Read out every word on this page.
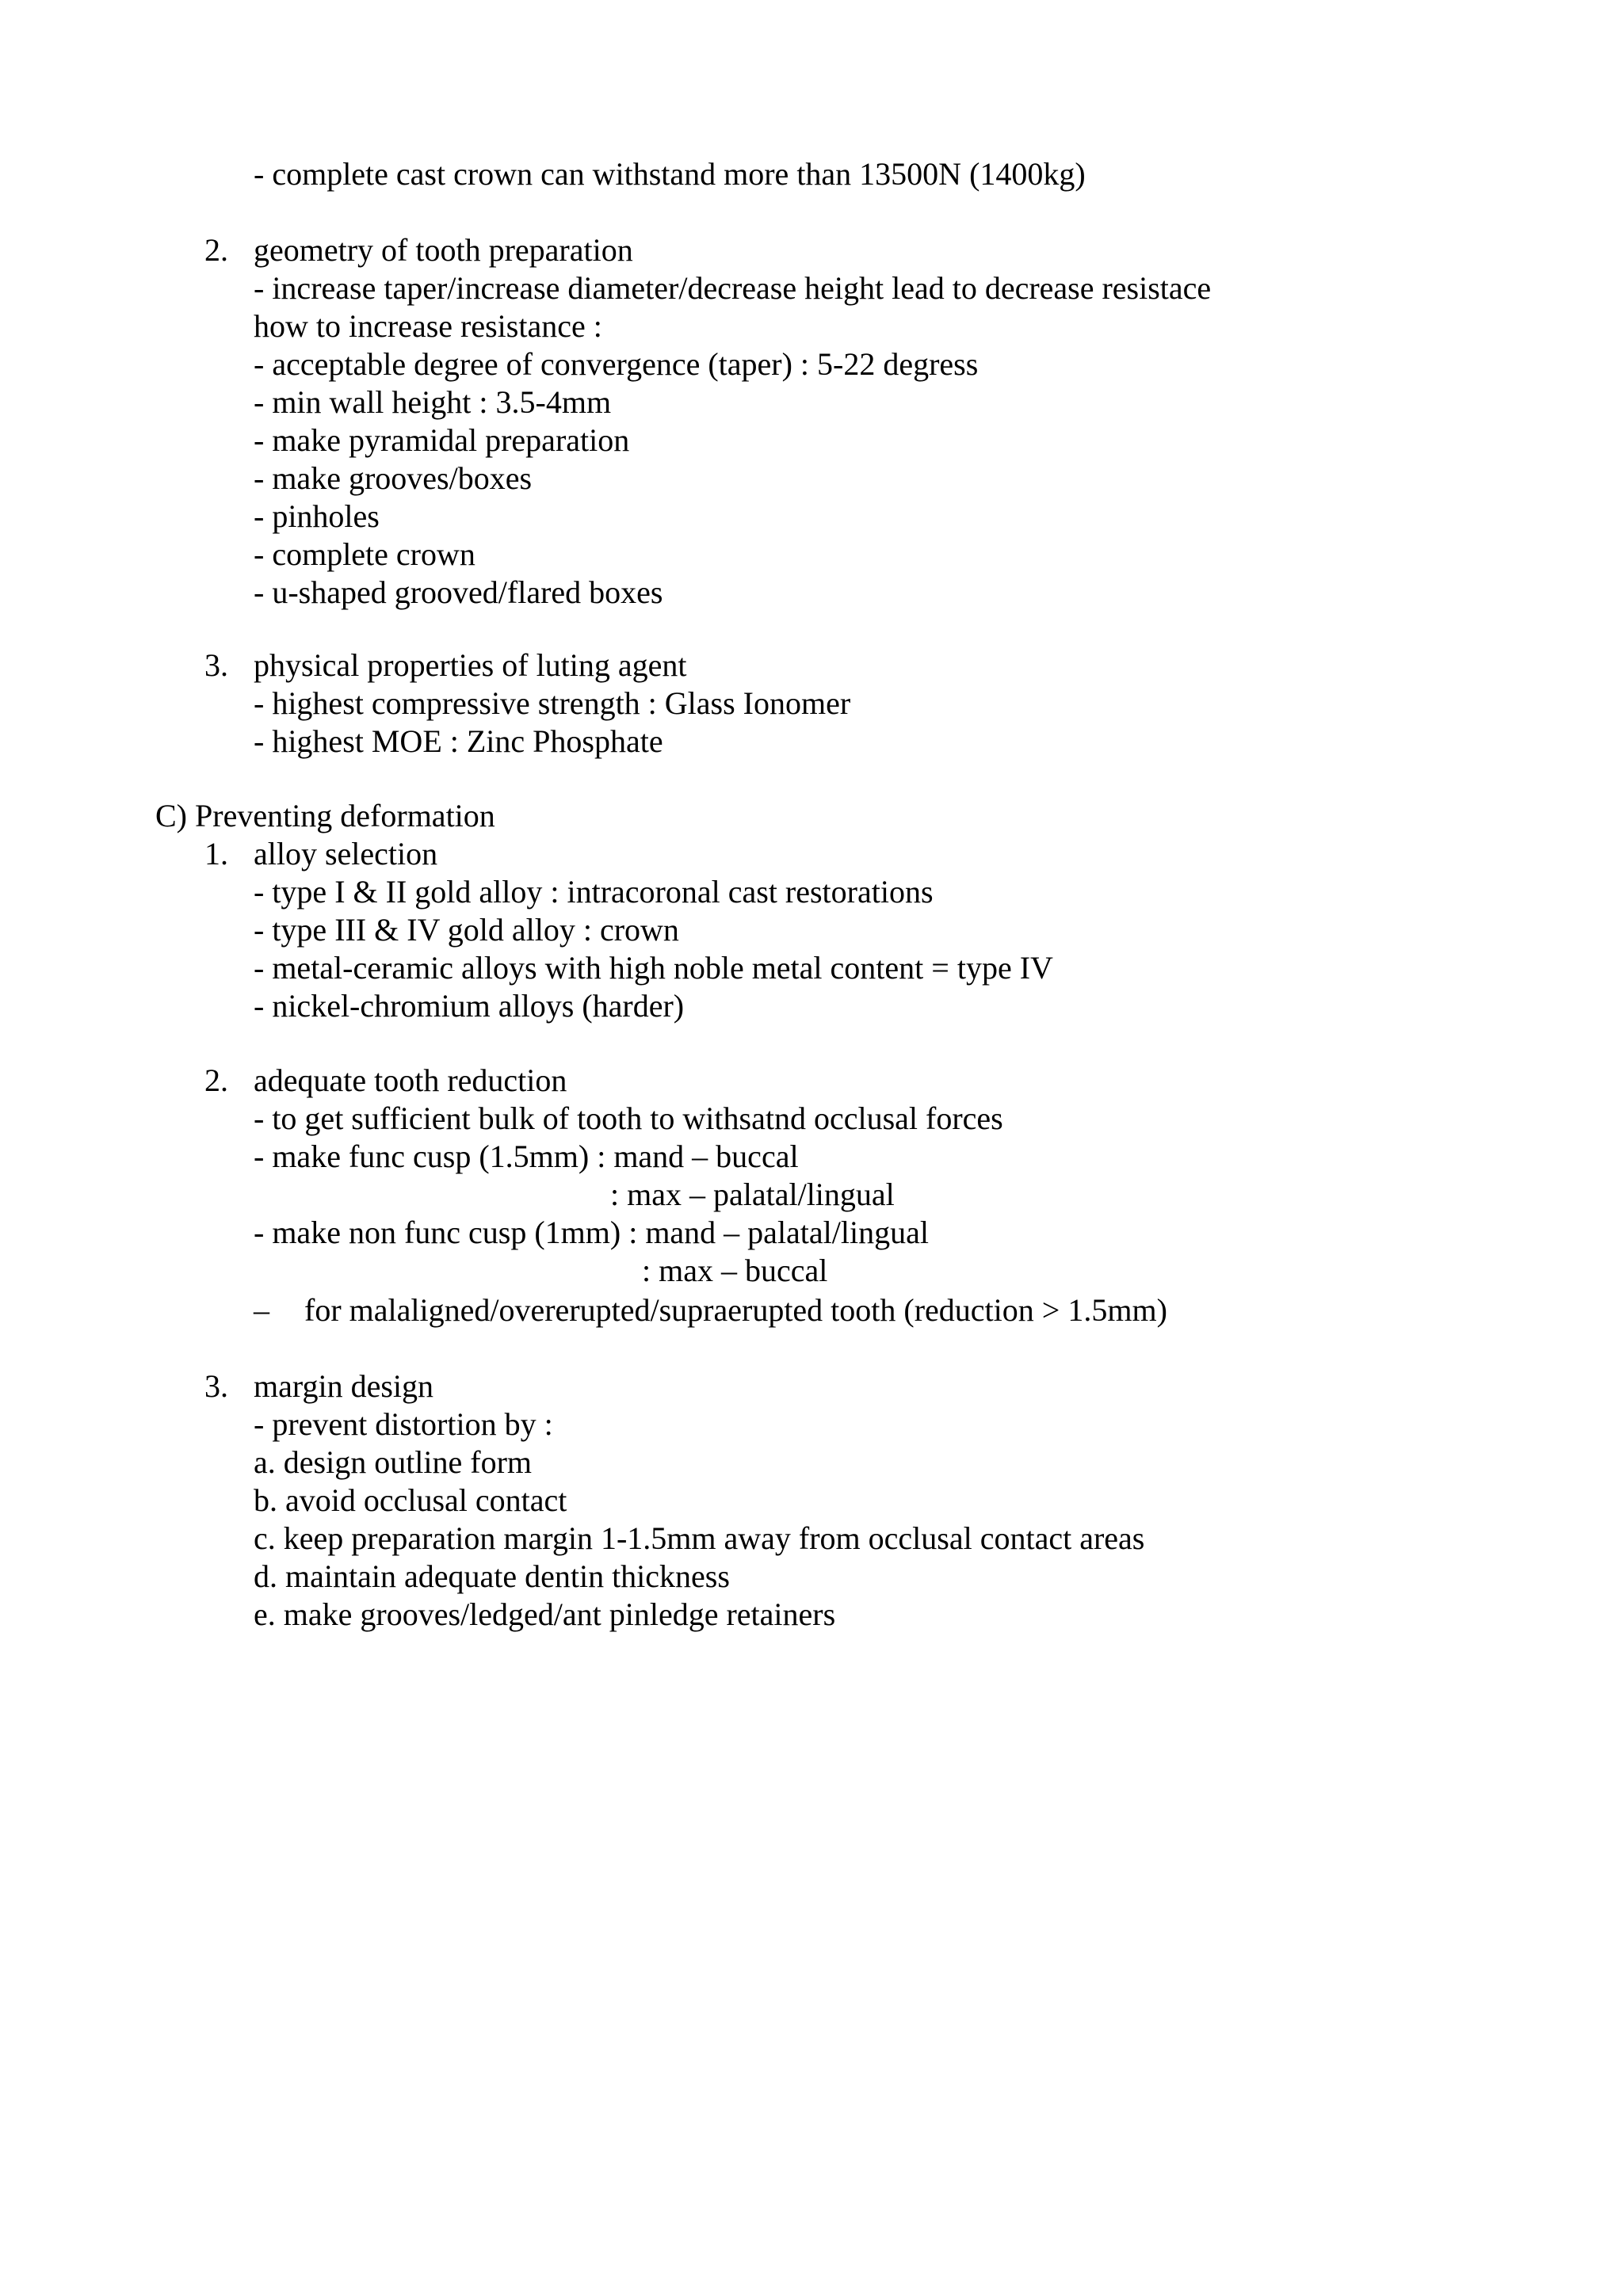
- complete cast crown can withstand more than 13500N (1400kg)
2. geometry of tooth preparation
- increase taper/increase diameter/decrease height lead to decrease resistace
how to increase resistance :
- acceptable degree of convergence (taper) : 5-22 degress
- min wall height : 3.5-4mm
- make pyramidal preparation
- make grooves/boxes
- pinholes
- complete crown
- u-shaped grooved/flared boxes
3. physical properties of luting agent
- highest compressive strength : Glass Ionomer
- highest MOE : Zinc Phosphate
C) Preventing deformation
1. alloy selection
- type I & II gold alloy : intracoronal cast restorations
- type III & IV gold alloy : crown
- metal-ceramic alloys with high noble metal content = type IV
- nickel-chromium alloys (harder)
2. adequate tooth reduction
- to get sufficient bulk of tooth to withsatnd occlusal forces
- make func cusp (1.5mm) : mand – buccal
: max – palatal/lingual
- make non func cusp (1mm) : mand – palatal/lingual
: max – buccal
– for malaligned/overerupted/supraerupted tooth (reduction > 1.5mm)
3. margin design
- prevent distortion by :
a. design outline form
b. avoid occlusal contact
c. keep preparation margin 1-1.5mm away from occlusal contact areas
d. maintain adequate dentin thickness
e. make grooves/ledged/ant pinledge retainers
